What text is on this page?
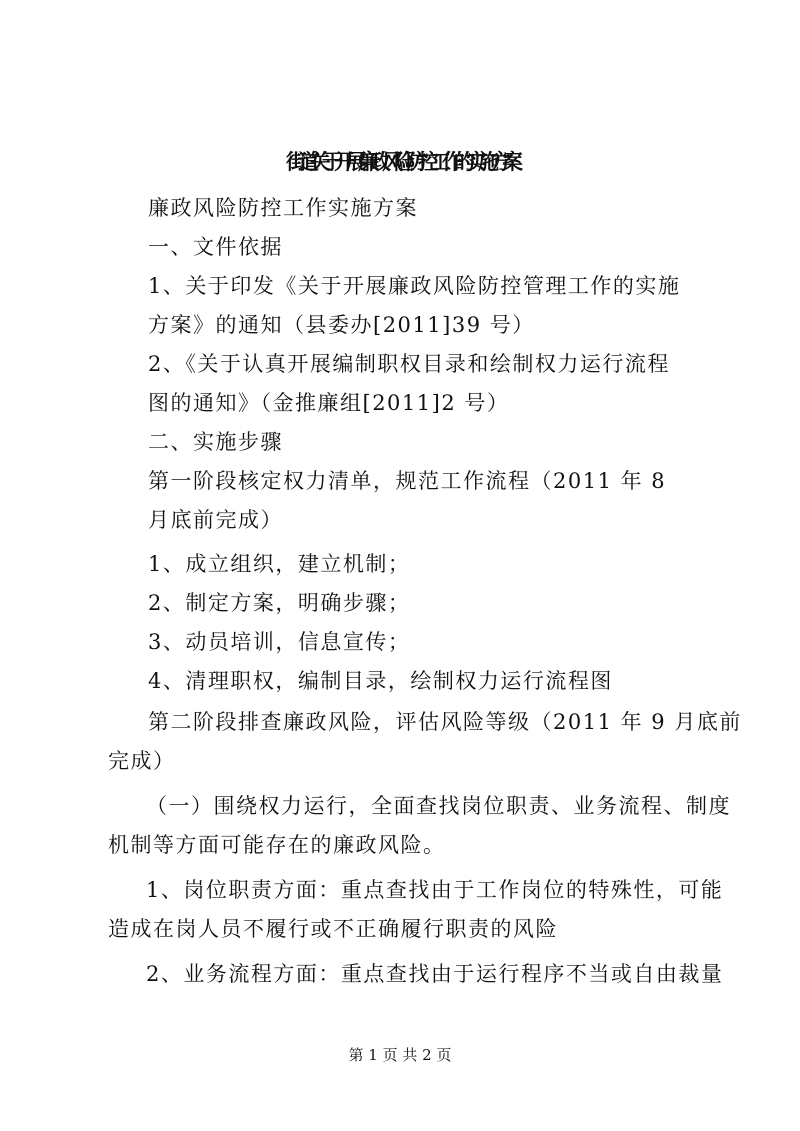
街道关于开展廉政风险防控工作的实施方案
廉政风险防控工作实施方案
一、文件依据
1、关于印发《关于开展廉政风险防控管理工作的实施
方案》的通知（县委办[2011]39 号）
2、《关于认真开展编制职权目录和绘制权力运行流程
图的通知》（金推廉组[2011]2 号）
二、实施步骤
第一阶段核定权力清单，规范工作流程（2011 年 8
月底前完成）
1、成立组织，建立机制；
2、制定方案，明确步骤；
3、动员培训，信息宣传；
4、清理职权，编制目录，绘制权力运行流程图
第二阶段排查廉政风险，评估风险等级（2011 年 9 月底前
完成）
（一）围绕权力运行，全面查找岗位职责、业务流程、制度
机制等方面可能存在的廉政风险。
1、岗位职责方面：重点查找由于工作岗位的特殊性，可能
造成在岗人员不履行或不正确履行职责的风险
2、业务流程方面：重点查找由于运行程序不当或自由裁量
第 1 页 共 2 页
